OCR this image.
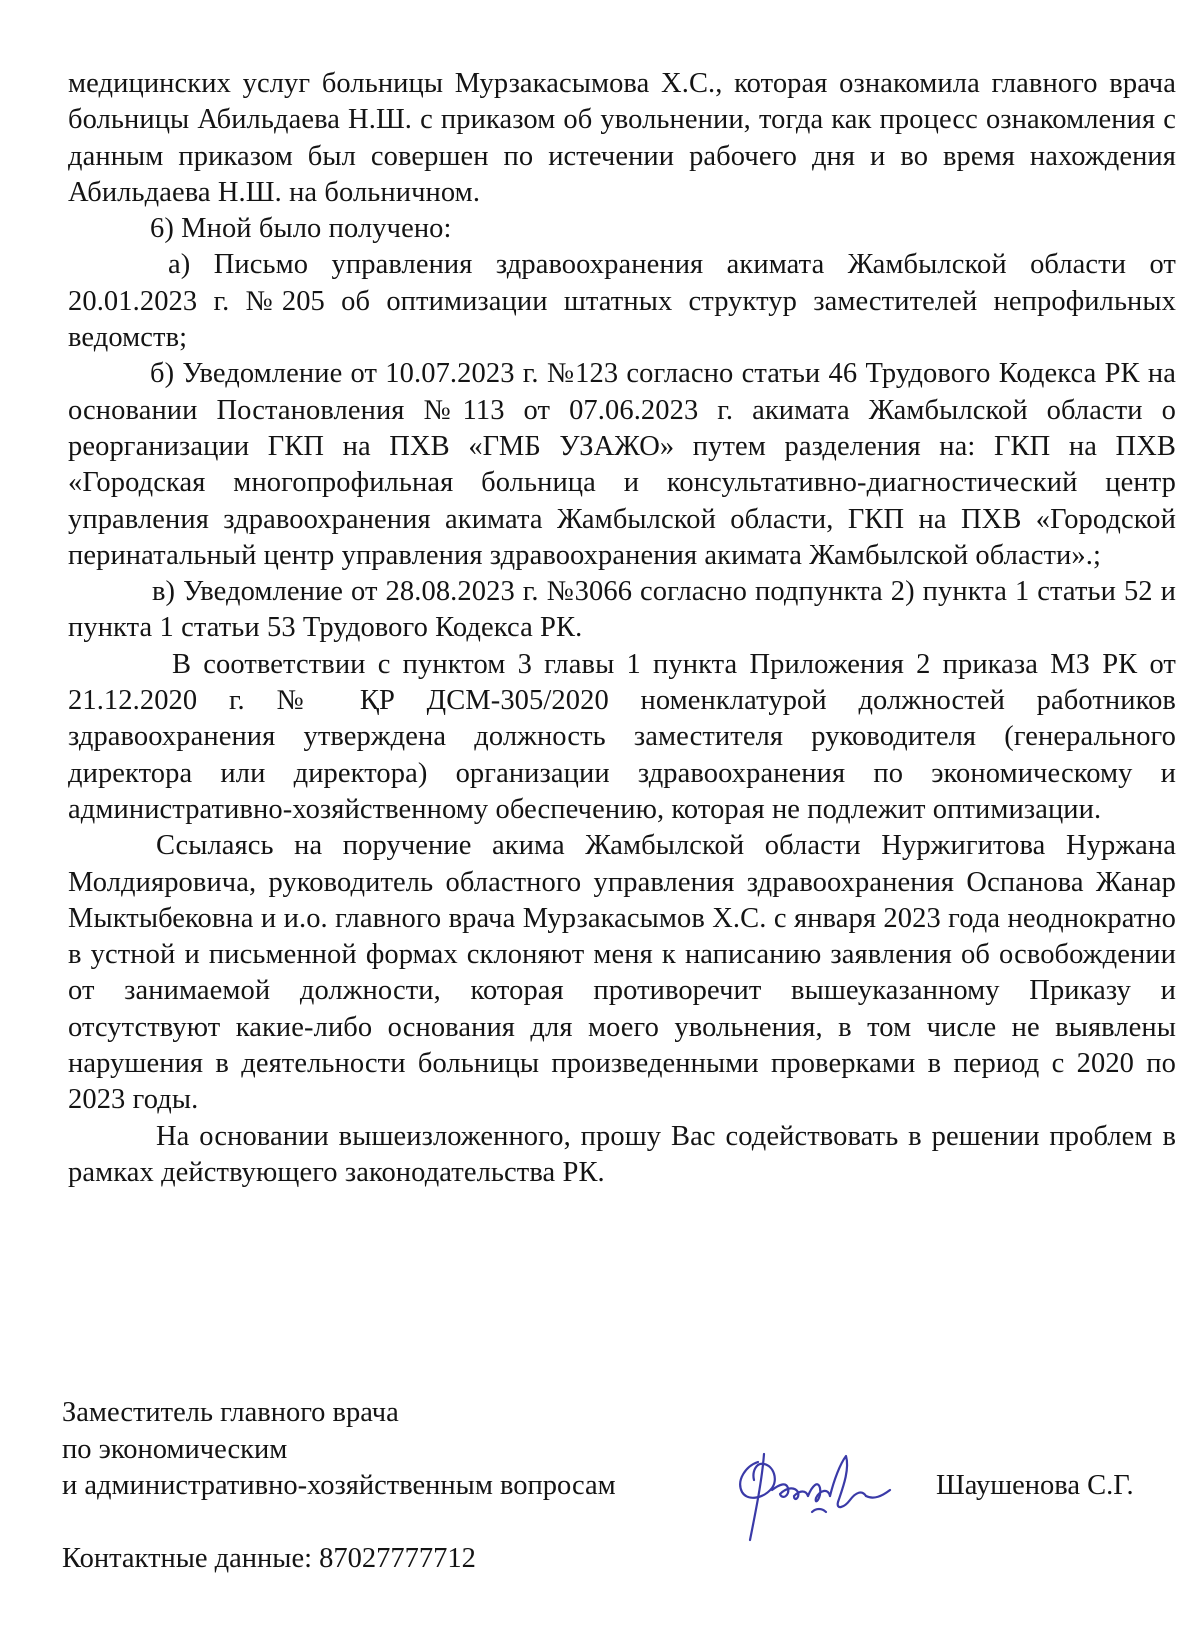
медицинских услуг больницы Мурзакасымова Х.С., которая ознакомила главного врача больницы Абильдаева Н.Ш. с приказом об увольнении, тогда как процесс ознакомления с данным приказом был совершен по истечении рабочего дня и во время нахождения Абильдаева Н.Ш. на больничном.

6) Мной было получено:

а) Письмо управления здравоохранения акимата Жамбылской области от 20.01.2023 г. №205 об оптимизации штатных структур заместителей непрофильных ведомств;

б) Уведомление от 10.07.2023 г. №123 согласно статьи 46 Трудового Кодекса РК на основании Постановления №113 от 07.06.2023 г. акимата Жамбылской области о реорганизации ГКП на ПХВ «ГМБ УЗАЖО» путем разделения на: ГКП на ПХВ «Городская многопрофильная больница и консультативно-диагностический центр управления здравоохранения акимата Жамбылской области, ГКП на ПХВ «Городской перинатальный центр управления здравоохранения акимата Жамбылской области».;

в) Уведомление от 28.08.2023 г. №3066 согласно подпункта 2) пункта 1 статьи 52 и пункта 1 статьи 53 Трудового Кодекса РК.

В соответствии с пунктом 3 главы 1 пункта Приложения 2 приказа МЗ РК от 21.12.2020 г. № ҚР ДСМ-305/2020 номенклатурой должностей работников здравоохранения утверждена должность заместителя руководителя (генерального директора или директора) организации здравоохранения по экономическому и административно-хозяйственному обеспечению, которая не подлежит оптимизации.

Ссылаясь на поручение акима Жамбылской области Нуржигитова Нуржана Молдияровича, руководитель областного управления здравоохранения Оспанова Жанар Мыктыбековна и и.о. главного врача Мурзакасымов Х.С. с января 2023 года неоднократно в устной и письменной формах склоняют меня к написанию заявления об освобождении от занимаемой должности, которая противоречит вышеуказанному Приказу и отсутствуют какие-либо основания для моего увольнения, в том числе не выявлены нарушения в деятельности больницы произведенными проверками в период с 2020 по 2023 годы.

На основании вышеизложенного, прошу Вас содействовать в решении проблем в рамках действующего законодательства РК.

Заместитель главного врача
по экономическим
и административно-хозяйственным вопросам	Шаушенова С.Г.
Контактные данные: 87027777712
